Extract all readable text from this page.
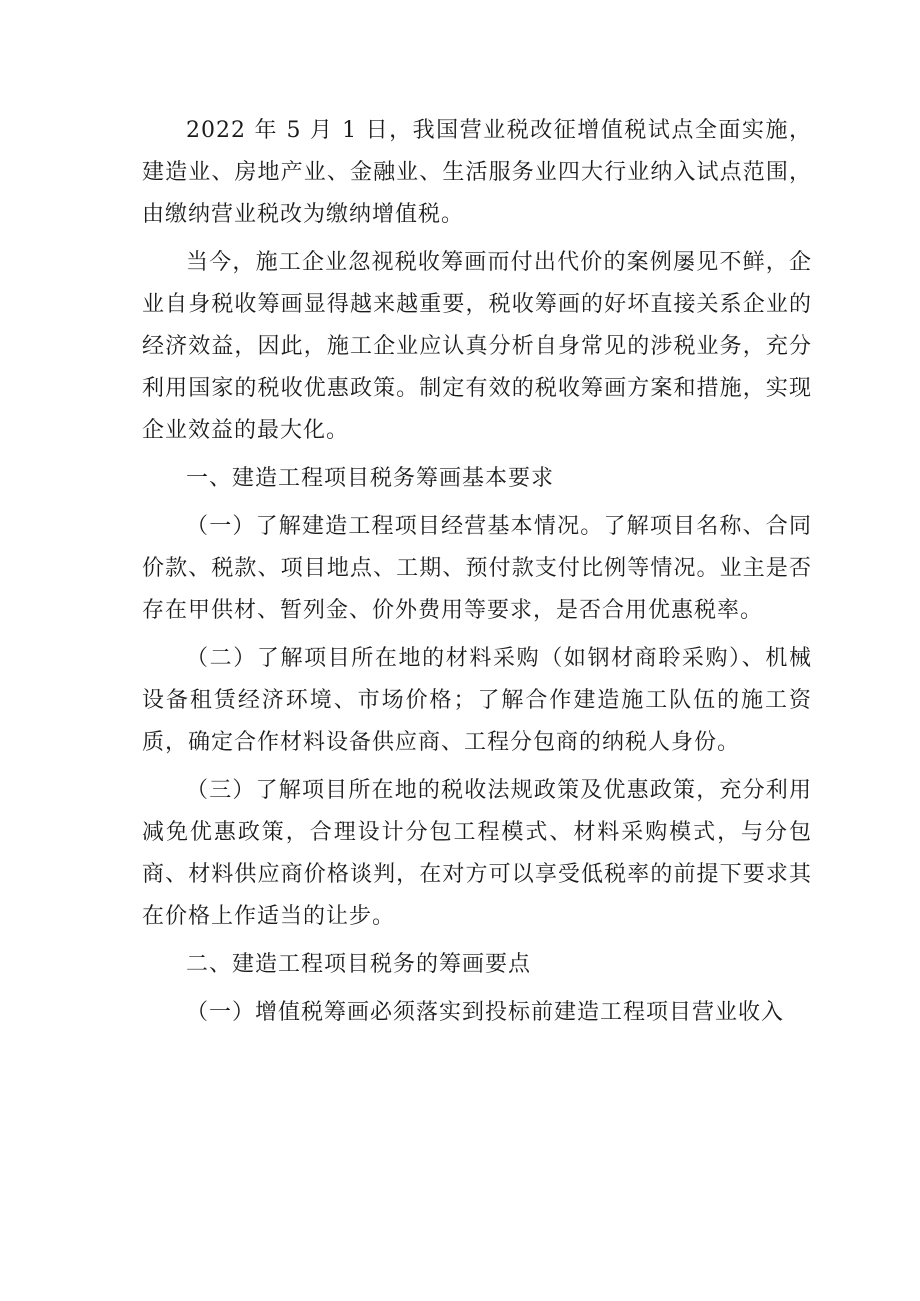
2022 年 5 月 1 日，我国营业税改征增值税试点全面实施，建造业、房地产业、金融业、生活服务业四大行业纳入试点范围，由缴纳营业税改为缴纳增值税。

当今，施工企业忽视税收筹画而付出代价的案例屡见不鲜，企业自身税收筹画显得越来越重要，税收筹画的好坏直接关系企业的经济效益，因此，施工企业应认真分析自身常见的涉税业务，充分利用国家的税收优惠政策。制定有效的税收筹画方案和措施，实现企业效益的最大化。

一、建造工程项目税务筹画基本要求

（一）了解建造工程项目经营基本情况。了解项目名称、合同价款、税款、项目地点、工期、预付款支付比例等情况。业主是否存在甲供材、暂列金、价外费用等要求，是否合用优惠税率。

（二）了解项目所在地的材料采购（如钢材商聆采购）、机械设备租赁经济环境、市场价格；了解合作建造施工队伍的施工资质，确定合作材料设备供应商、工程分包商的纳税人身份。

（三）了解项目所在地的税收法规政策及优惠政策，充分利用减免优惠政策，合理设计分包工程模式、材料采购模式，与分包商、材料供应商价格谈判，在对方可以享受低税率的前提下要求其在价格上作适当的让步。

二、建造工程项目税务的筹画要点

（一）增值税筹画必须落实到投标前建造工程项目营业收入
